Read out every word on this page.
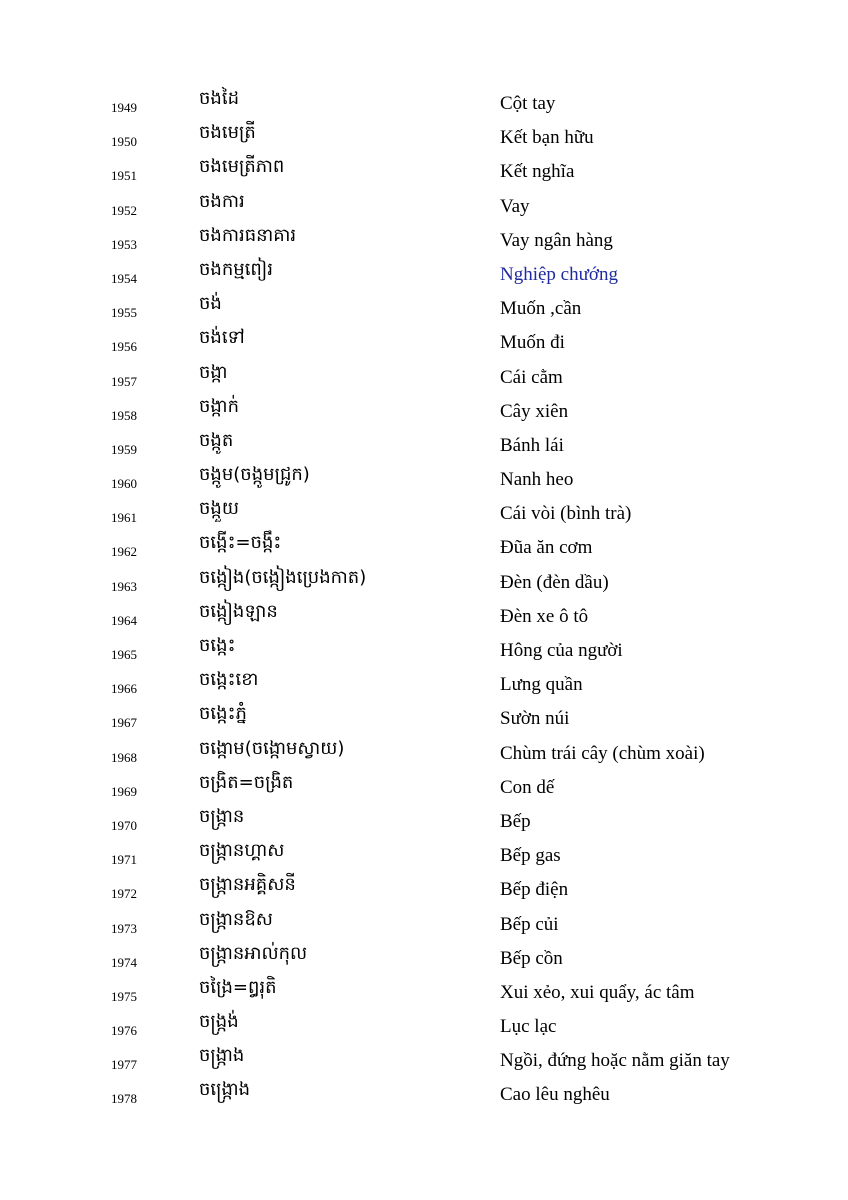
1949	ចងដៃ	Cột tay
1950	ចងមេត្រី	Kết bạn hữu
1951	ចងមេត្រីភាព	Kết nghĩa
1952	ចងការ	Vay
1953	ចងការធនាគារ	Vay ngân hàng
1954	ចងកម្មពៀរ	Nghiệp chướng
1955	ចង់	Muốn ,cần
1956	ចង់ទៅ	Muốn đi
1957	ចង្កា	Cái cằm
1958	ចង្កាក់	Cây xiên
1959	ចង្កូត	Bánh lái
1960	ចង្កូម(ចង្កូមជ្រូក)	Nanh heo
1961	ចង្កួយ	Cái vòi (bình trà)
1962	ចង្កើះ=ចង្កឹះ	Đũa ăn cơm
1963	ចង្កៀង(ចង្កៀងប្រេងកាត)	Đèn (đèn dầu)
1964	ចង្កៀងឡាន	Đèn xe ô tô
1965	ចង្កេះ	Hông của người
1966	ចង្កេះខោ	Lưng quần
1967	ចង្កេះភ្នំ	Sườn núi
1968	ចង្កោម(ចង្កោមស្វាយ)	Chùm trái cây (chùm xoài)
1969	ចង្រិត=ចង្រិត	Con dế
1970	ចង្ក្រាន	Bếp
1971	ចង្ក្រានហ្គាស	Bếp gas
1972	ចង្ក្រានអគ្គិសនី	Bếp điện
1973	ចង្ក្រានឱស	Bếp củi
1974	ចង្ក្រានអាល់កុល	Bếp cồn
1975	ចង្រៃ=ឰរុតិ	Xui xẻo, xui quẩy, ác tâm
1976	ចង្រ្កង់	Lục lạc
1977	ចង្រ្កាង	Ngồi, đứng hoặc nằm giăn tay
1978	ចង្រ្កោង	Cao lêu nghêu
